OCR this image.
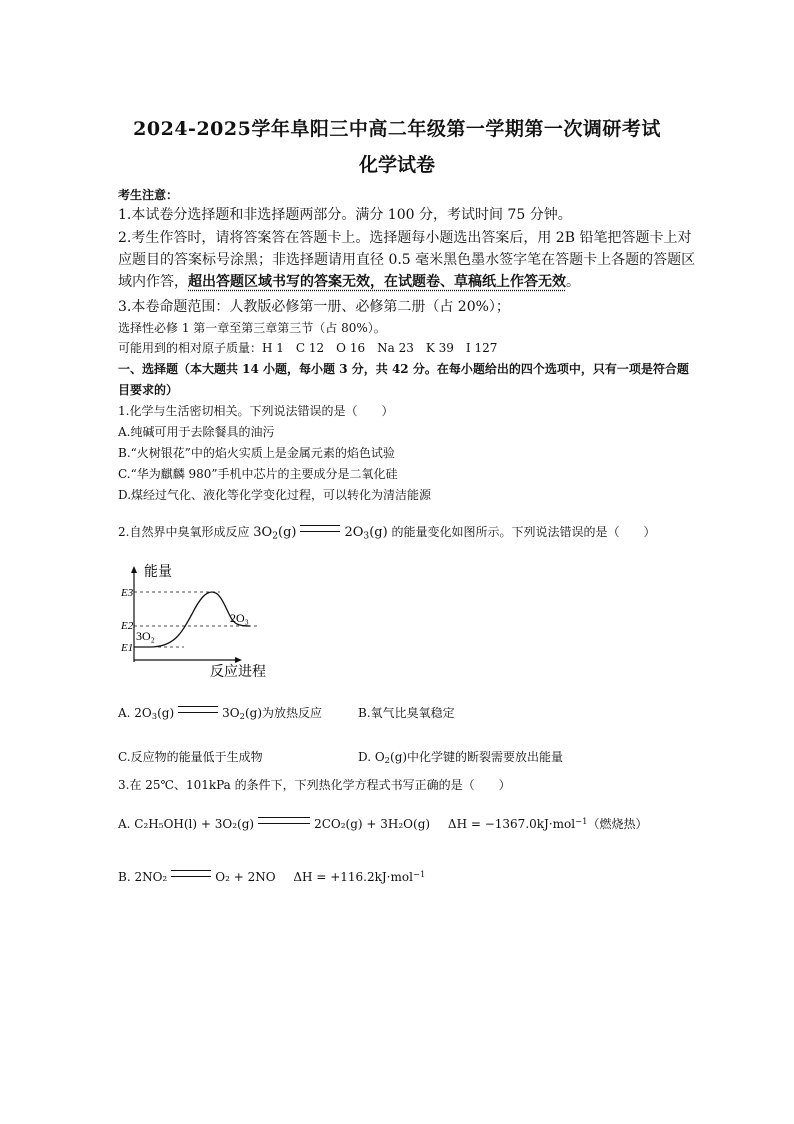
2024-2025学年阜阳三中高二年级第一学期第一次调研考试
化学试卷
考生注意：
1.本试卷分选择题和非选择题两部分。满分 100 分，考试时间 75 分钟。
2.考生作答时，请将答案答在答题卡上。选择题每小题选出答案后，用 2B 铅笔把答题卡上对
应题目的答案标号涂黑；非选择题请用直径 0.5 毫米黑色墨水签字笔在答题卡上各题的答题区
域内作答，超出答题区域书写的答案无效，在试题卷、草稿纸上作答无效。
3.本卷命题范围：人教版必修第一册、必修第二册（占 20%）；
选择性必修 1 第一章至第三章第三节（占 80%）。
可能用到的相对原子质量：H 1　C 12　O 16　Na 23　K 39　I 127
一、选择题（本大题共 14 小题，每小题 3 分，共 42 分。在每小题给出的四个选项中，只有一项是符合题
目要求的）
1.化学与生活密切相关。下列说法错误的是（　　）
A.纯碱可用于去除餐具的油污
B.“火树银花”中的焰火实质上是金属元素的焰色试验
C.“华为麒麟 980”手机中芯片的主要成分是二氧化硅
D.煤经过气化、液化等化学变化过程，可以转化为清洁能源
2.自然界中臭氧形成反应 $3O_2(g)$	$2O_3(g)$ 的能量变化如图所示。下列说法错误的是（　　）
能量
反应进程
E3
E2
E1
3O₂
2O₃
A. $2O_3(g)$	$3O_2(g)$为放热反应	B.氧气比臭氧稳定
C.反应物的能量低于生成物	D. $O_2(g)$中化学键的断裂需要放出能量
3.在 25℃、101kPa 的条件下，下列热化学方程式书写正确的是（　　）
A. C₂H₅OH(l) + 3O₂(g)	2CO₂(g) + 3H₂O(g) ΔH = −1367.0kJ·mol$^{-1}$（燃烧热）
B. 2NO₂	O₂ + 2NO ΔH = +116.2kJ·mol$^{-1}$
